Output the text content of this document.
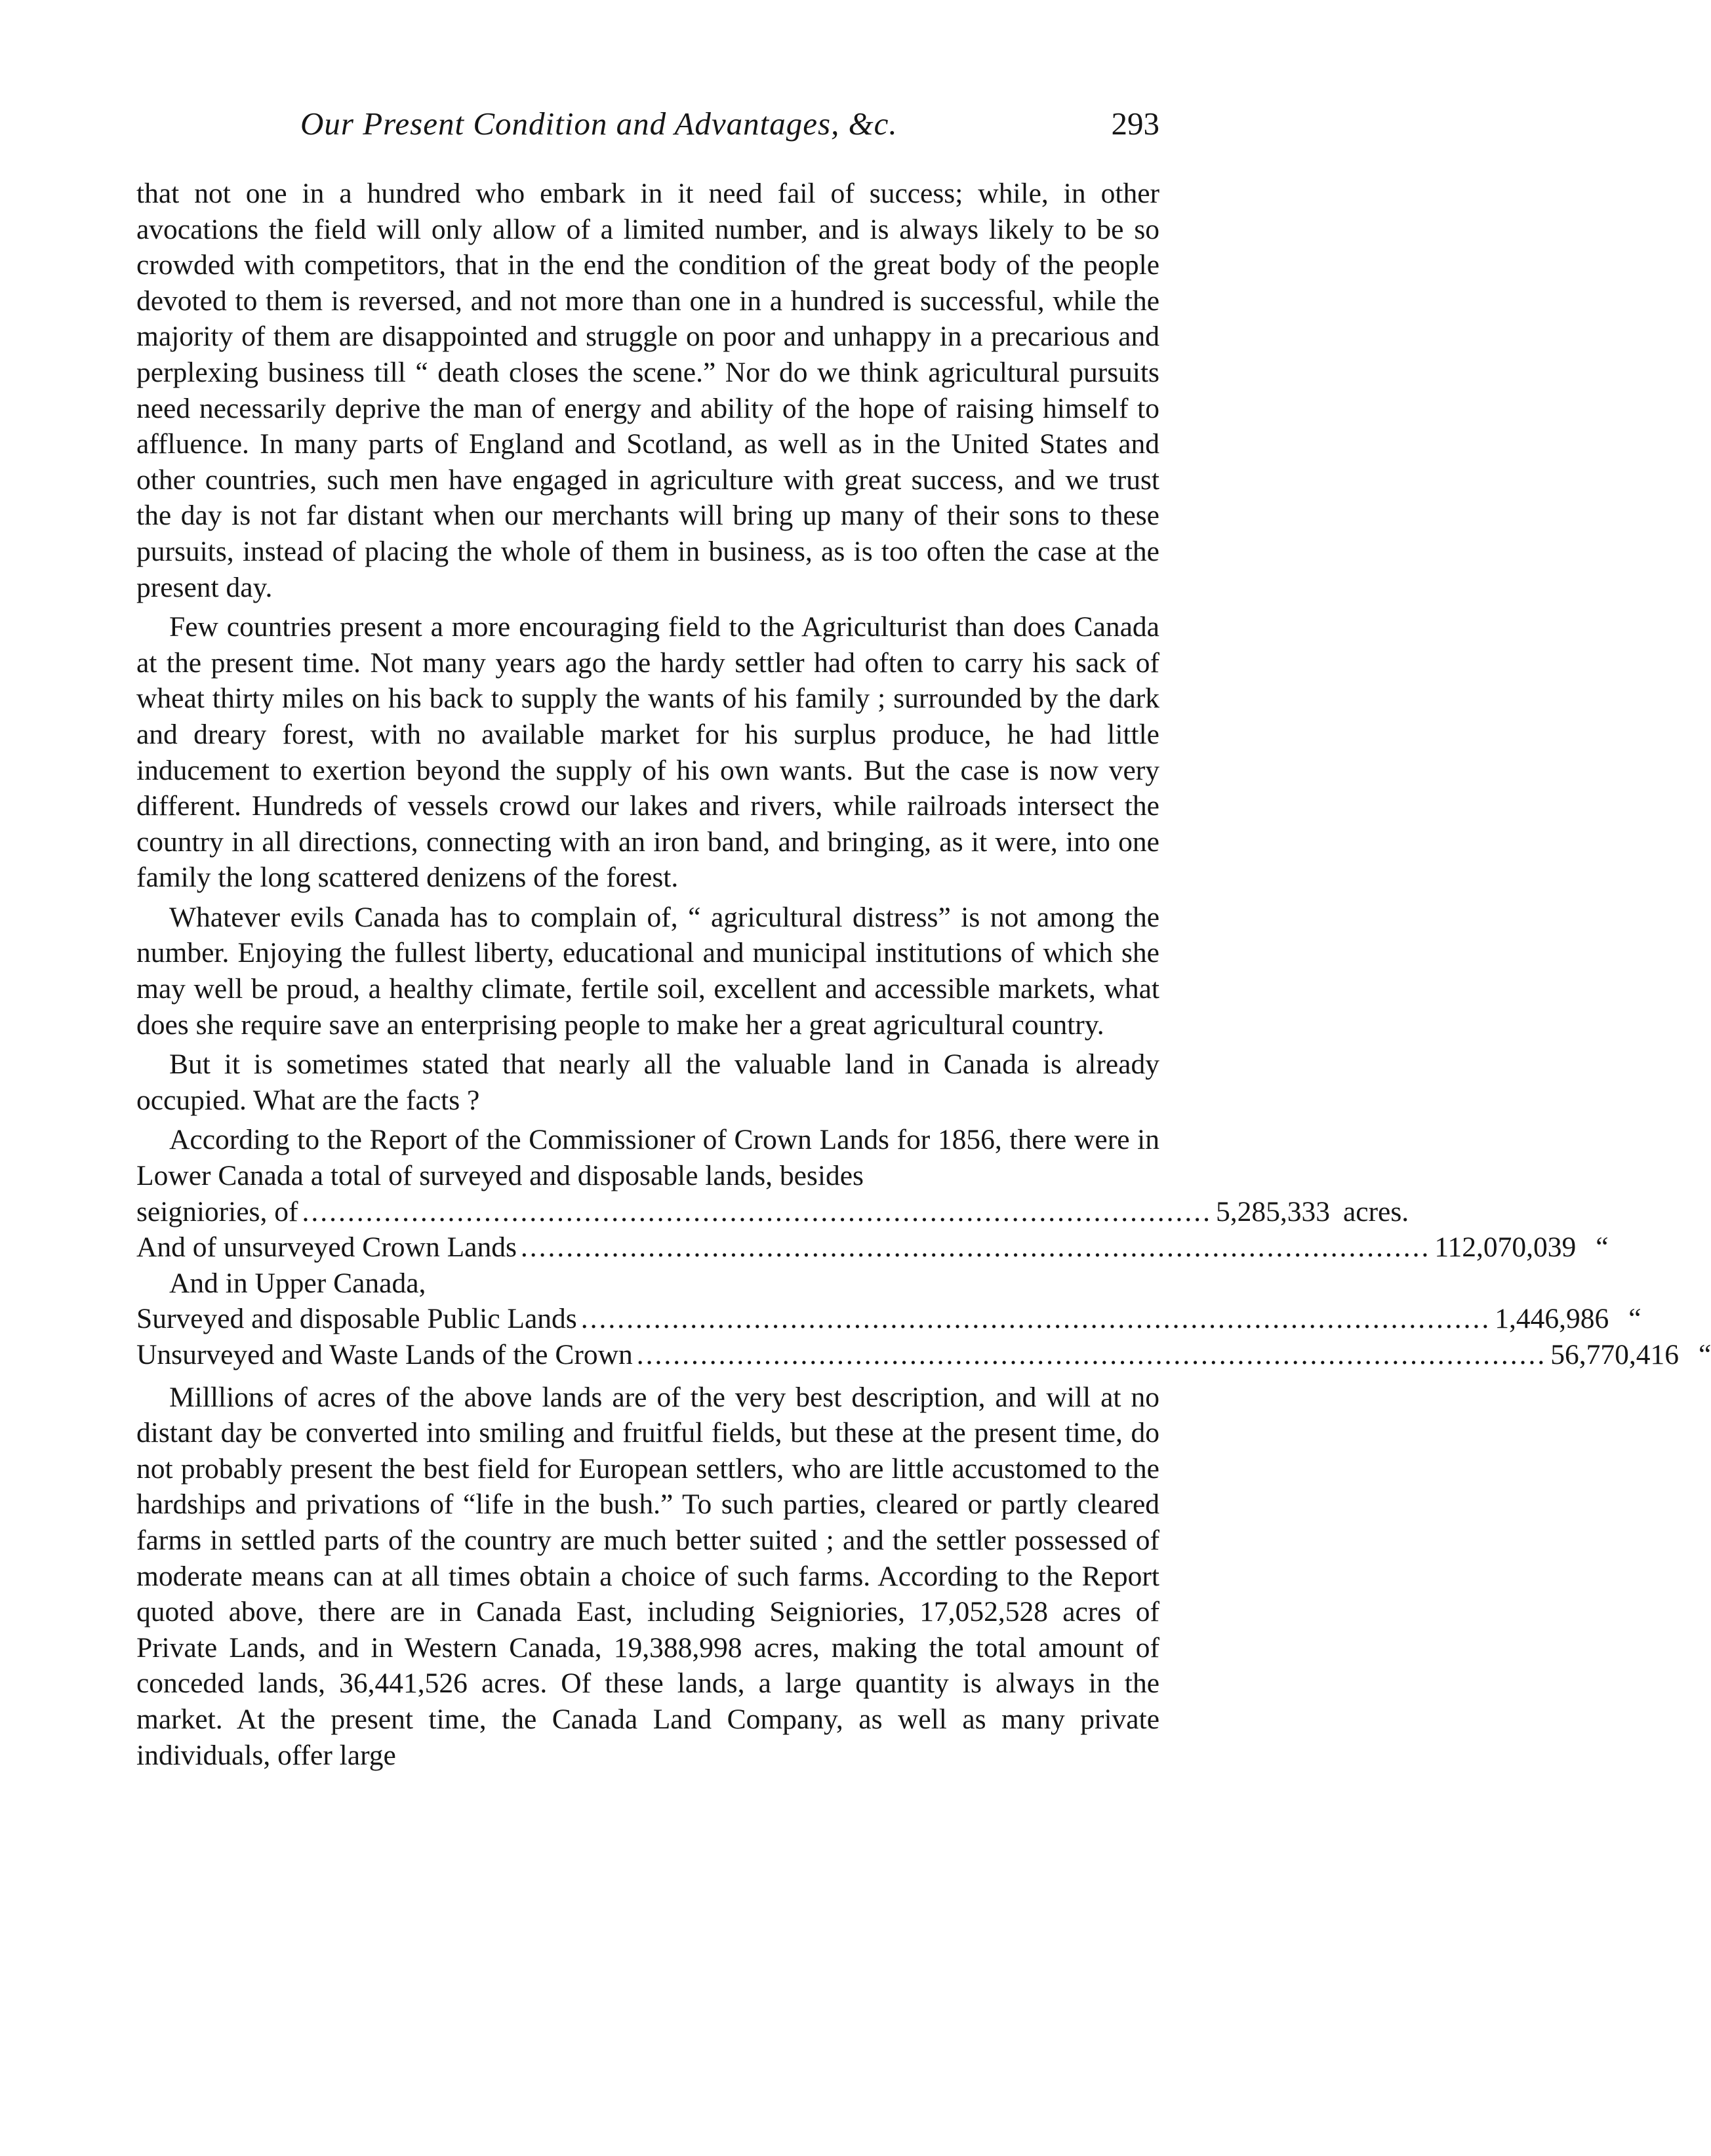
Our Present Condition and Advantages, &c.	293

that not one in a hundred who embark in it need fail of success; while, in other avocations the field will only allow of a limited number, and is always likely to be so crowded with competitors, that in the end the condition of the great body of the people devoted to them is reversed, and not more than one in a hundred is successful, while the majority of them are disappointed and struggle on poor and unhappy in a precarious and perplexing business till “ death closes the scene.” Nor do we think agricultural pursuits need necessarily deprive the man of energy and ability of the hope of raising himself to affluence. In many parts of England and Scotland, as well as in the United States and other countries, such men have engaged in agriculture with great success, and we trust the day is not far distant when our merchants will bring up many of their sons to these pursuits, instead of placing the whole of them in business, as is too often the case at the present day.

Few countries present a more encouraging field to the Agriculturist than does Canada at the present time. Not many years ago the hardy settler had often to carry his sack of wheat thirty miles on his back to supply the wants of his family ; surrounded by the dark and dreary forest, with no available market for his surplus produce, he had little inducement to exertion beyond the supply of his own wants. But the case is now very different. Hundreds of vessels crowd our lakes and rivers, while railroads intersect the country in all directions, connecting with an iron band, and bringing, as it were, into one family the long scattered denizens of the forest.

Whatever evils Canada has to complain of, “ agricultural distress” is not among the number. Enjoying the fullest liberty, educational and municipal institutions of which she may well be proud, a healthy climate, fertile soil, excellent and accessible markets, what does she require save an enterprising people to make her a great agricultural country.

But it is sometimes stated that nearly all the valuable land in Canada is already occupied. What are the facts ?

According to the Report of the Commissioner of Crown Lands for 1856, there were in Lower Canada a total of surveyed and disposable lands, besides

seigniories, of .................................................................................................... 5,285,333 acres.
And of unsurveyed Crown Lands .................................................................................................... 112,070,039 “
And in Upper Canada,
Surveyed and disposable Public Lands .................................................................................................... 1,446,986 “
Unsurveyed and Waste Lands of the Crown .................................................................................................... 56,770,416 “

Milllions of acres of the above lands are of the very best description, and will at no distant day be converted into smiling and fruitful fields, but these at the present time, do not probably present the best field for European settlers, who are little accustomed to the hardships and privations of “life in the bush.” To such parties, cleared or partly cleared farms in settled parts of the country are much better suited ; and the settler possessed of moderate means can at all times obtain a choice of such farms. According to the Report quoted above, there are in Canada East, including Seigniories, 17,052,528 acres of Private Lands, and in Western Canada, 19,388,998 acres, making the total amount of conceded lands, 36,441,526 acres. Of these lands, a large quantity is always in the market. At the present time, the Canada Land Company, as well as many private individuals, offer large
